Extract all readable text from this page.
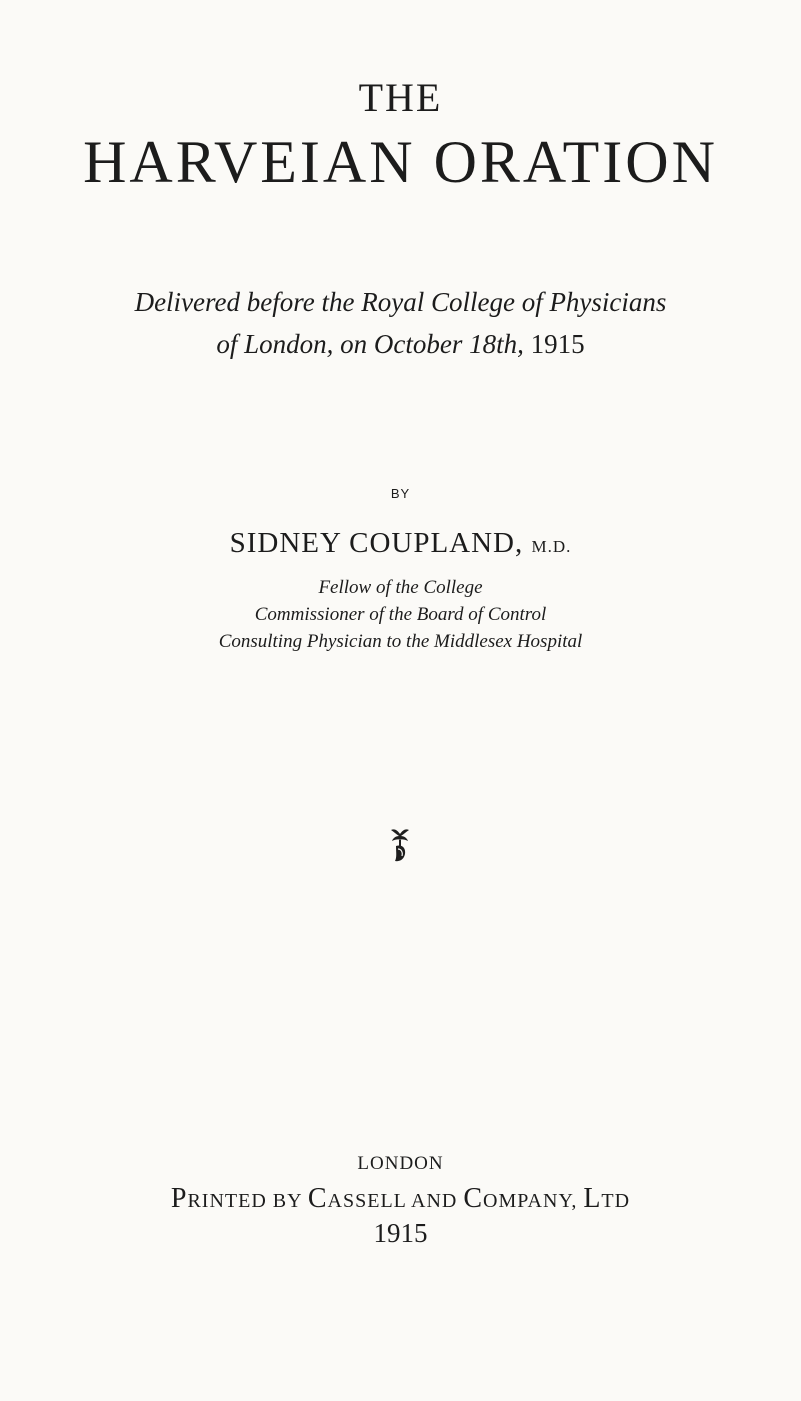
THE
HARVEIAN ORATION
Delivered before the Royal College of Physicians
of London, on October 18th, 1915
BY
SIDNEY COUPLAND, M.D.
Fellow of the College
Commissioner of the Board of Control
Consulting Physician to the Middlesex Hospital
LONDON
PRINTED BY CASSELL AND COMPANY, LTD
1915
